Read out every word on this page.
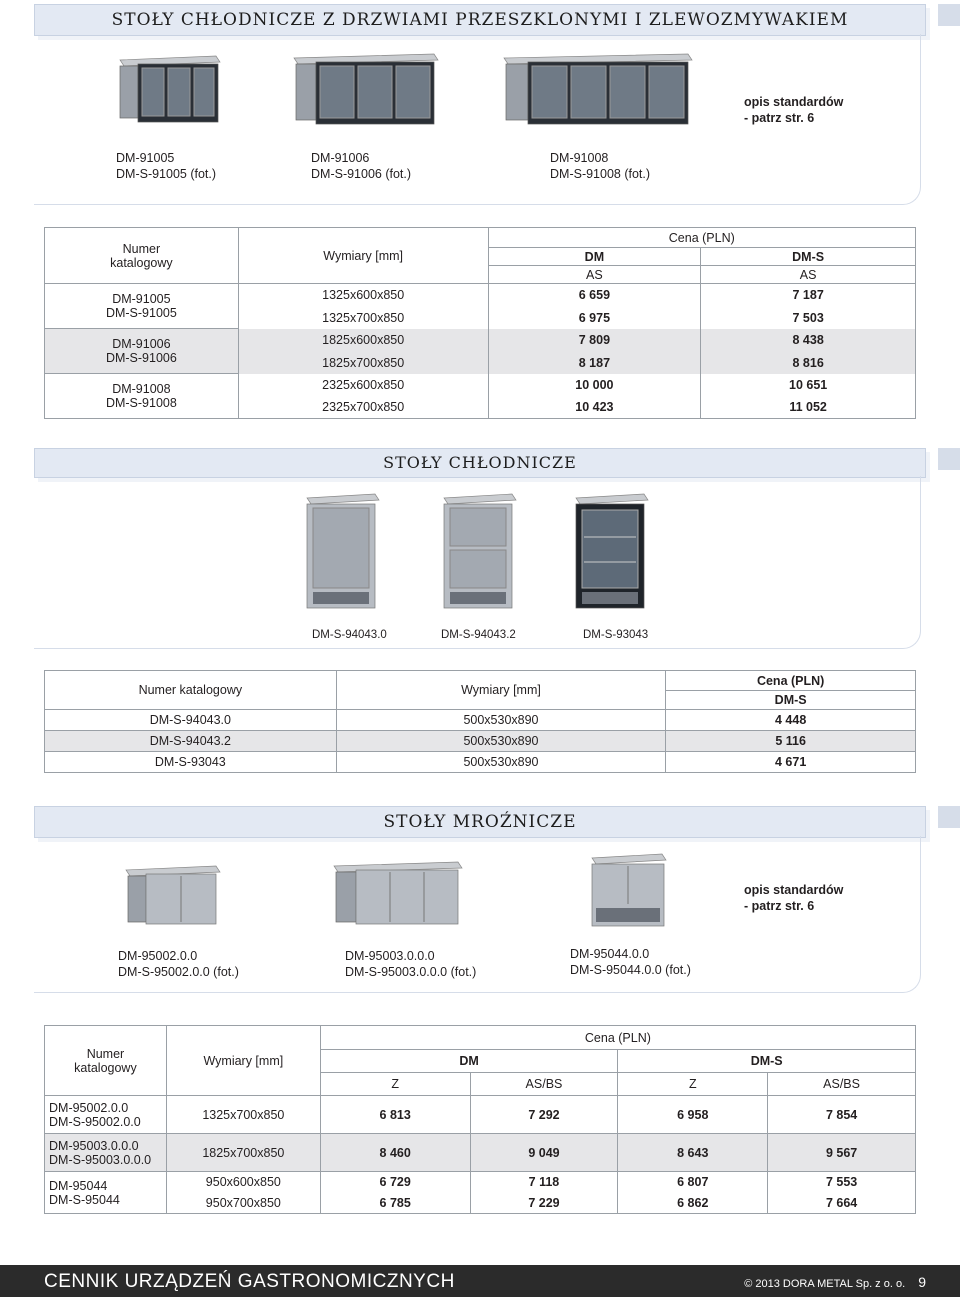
STOŁY CHŁODNICZE Z DRZWIAMI PRZESZKLONYMI I ZLEWOZMYWAKIEM
opis standardów
- patrz str. 6
DM-91005
DM-S-91005 (fot.)
DM-91006
DM-S-91006 (fot.)
DM-91008
DM-S-91008 (fot.)
Numer
katalogowy	Wymiary [mm]	Cena (PLN)	
		DM	DM-S
		AS	AS

DM-91005
DM-S-91005	1325x600x850	6 659	7 187
	1325x700x850	6 975	7 503

DM-91006
DM-S-91006	1825x600x850	7 809	8 438
	1825x700x850	8 187	8 816

DM-91008
DM-S-91008	2325x600x850	10 000	10 651
	2325x700x850	10 423	11 052
STOŁY CHŁODNICZE
DM-S-94043.0	DM-S-94043.2	DM-S-93043
Numer katalogowy	Wymiary [mm]	Cena (PLN)
		DM-S
DM-S-94043.0	500x530x890	4 448
DM-S-94043.2	500x530x890	5 116
DM-S-93043	500x530x890	4 671
STOŁY MROŹNICZE
opis standardów
- patrz str. 6
DM-95002.0.0
DM-S-95002.0.0 (fot.)
DM-95003.0.0.0
DM-S-95003.0.0.0 (fot.)
DM-95044.0.0
DM-S-95044.0.0 (fot.)
Numer
katalogowy	Wymiary [mm]	Cena (PLN)			
		DM		DM-S	
		Z	AS/BS	Z	AS/BS

DM-95002.0.0
DM-S-95002.0.0	1325x700x850	6 813	7 292	6 958	7 854

DM-95003.0.0.0
DM-S-95003.0.0.0	1825x700x850	8 460	9 049	8 643	9 567

DM-95044
DM-S-95044	950x600x850	6 729	7 118	6 807	7 553
	950x700x850	6 785	7 229	6 862	7 664
CENNIK URZĄDZEŃ GASTRONOMICZNYCH	© 2013 DORA METAL Sp. z o. o. 9
